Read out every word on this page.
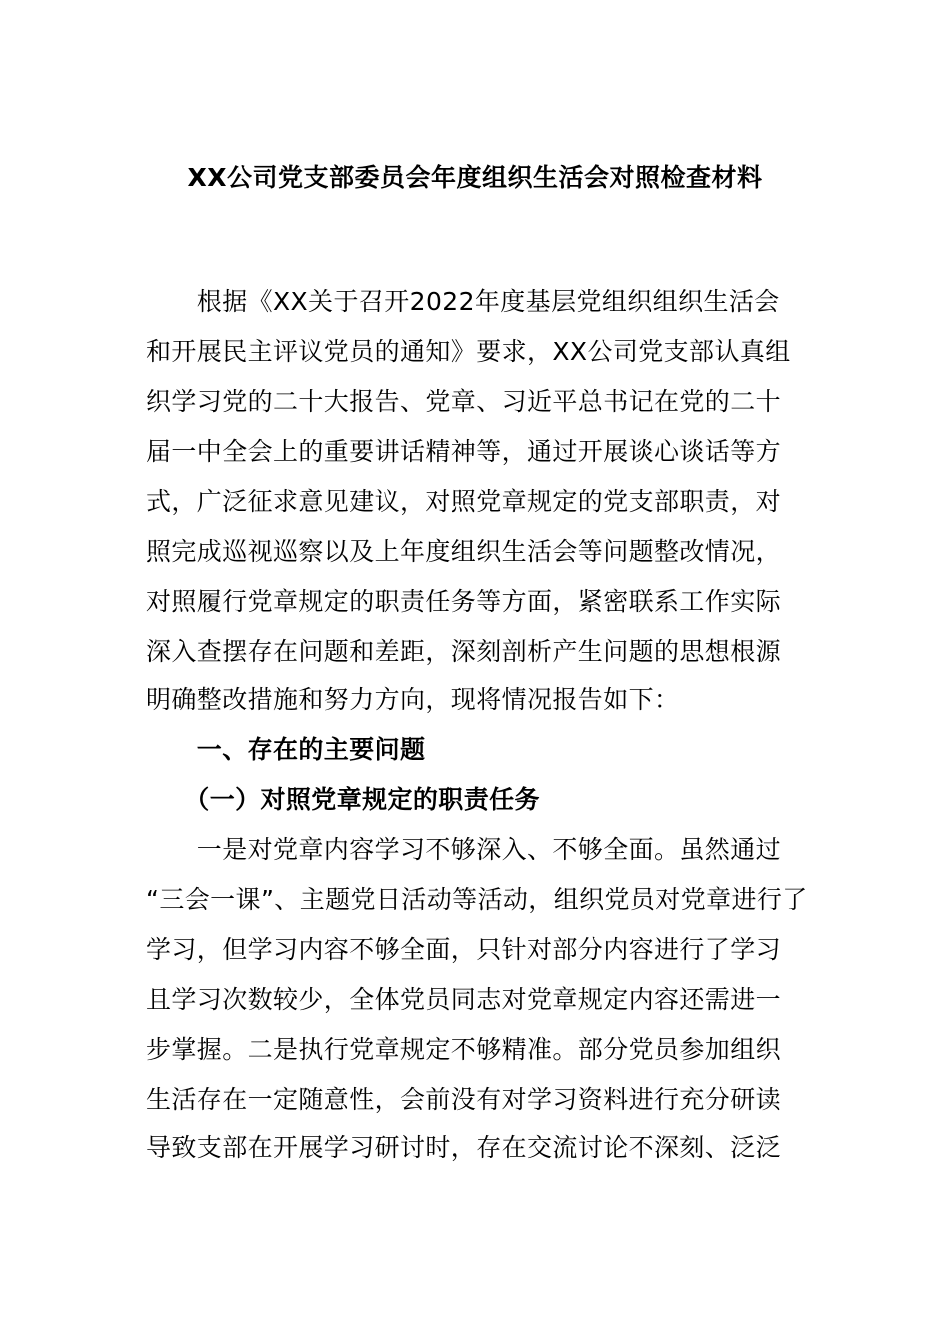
XX公司党支部委员会年度组织生活会对照检查材料
　　根据《XX关于召开2022年度基层党组织组织生活会
和开展民主评议党员的通知》要求，XX公司党支部认真组
织学习党的二十大报告、党章、习近平总书记在党的二十
届一中全会上的重要讲话精神等，通过开展谈心谈话等方
式，广泛征求意见建议，对照党章规定的党支部职责，对
照完成巡视巡察以及上年度组织生活会等问题整改情况，
对照履行党章规定的职责任务等方面，紧密联系工作实际
深入查摆存在问题和差距，深刻剖析产生问题的思想根源
明确整改措施和努力方向，现将情况报告如下：
　　一、存在的主要问题
　　（一）对照党章规定的职责任务
　　一是对党章内容学习不够深入、不够全面。虽然通过
“三会一课”、主题党日活动等活动，组织党员对党章进行了
学习，但学习内容不够全面，只针对部分内容进行了学习
且学习次数较少，全体党员同志对党章规定内容还需进一
步掌握。二是执行党章规定不够精准。部分党员参加组织
生活存在一定随意性，会前没有对学习资料进行充分研读
导致支部在开展学习研讨时，存在交流讨论不深刻、泛泛
